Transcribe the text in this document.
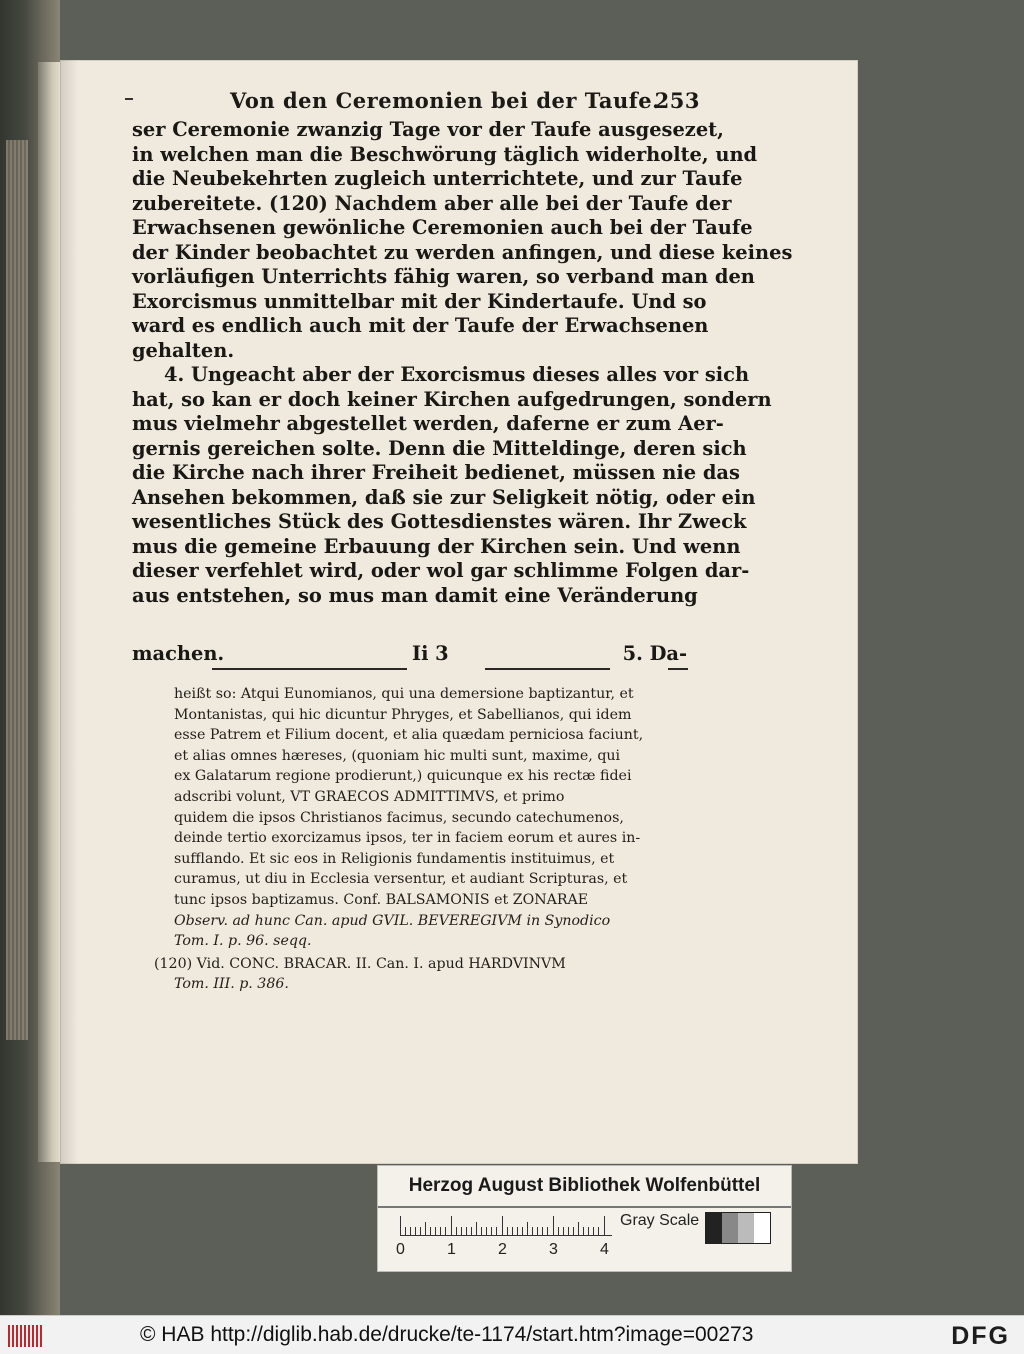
Von den Ceremonien bei der Taufe.
253

ser Ceremonie zwanzig Tage vor der Taufe ausgesezet,

in welchen man die Beschwörung täglich widerholte, und

die Neubekehrten zugleich unterrichtete, und zur Taufe

zubereitete. (120) Nachdem aber alle bei der Taufe der

Erwachsenen gewönliche Ceremonien auch bei der Taufe

der Kinder beobachtet zu werden anfingen, und diese keines

vorläufigen Unterrichts fähig waren, so verband man den

Exorcismus unmittelbar mit der Kindertaufe. Und so

ward es endlich auch mit der Taufe der Erwachsenen

gehalten.

4. Ungeacht aber der Exorcismus dieses alles vor sich

hat, so kan er doch keiner Kirchen aufgedrungen, sondern

mus vielmehr abgestellet werden, daferne er zum Aer-

gernis gereichen solte. Denn die Mitteldinge, deren sich

die Kirche nach ihrer Freiheit bedienet, müssen nie das

Ansehen bekommen, daß sie zur Seligkeit nötig, oder ein

wesentliches Stück des Gottesdienstes wären. Ihr Zweck

mus die gemeine Erbauung der Kirchen sein. Und wenn

dieser verfehlet wird, oder wol gar schlimme Folgen dar-

aus entstehen, so mus man damit eine Veränderung

machen.	Ii 3	5. Da-

heißt so: Atqui Eunomianos, qui una demersione baptizantur, et

Montanistas, qui hic dicuntur Phryges, et Sabellianos, qui idem

esse Patrem et Filium docent, et alia quædam perniciosa faciunt,

et alias omnes hæreses, (quoniam hic multi sunt, maxime, qui

ex Galatarum regione prodierunt,) quicunque ex his rectæ fidei

adscribi volunt, VT GRAECOS ADMITTIMVS, et primo

quidem die ipsos Christianos facimus, secundo catechumenos,

deinde tertio exorcizamus ipsos, ter in faciem eorum et aures in-

sufflando. Et sic eos in Religionis fundamentis instituimus, et

curamus, ut diu in Ecclesia versentur, et audiant Scripturas, et

tunc ipsos baptizamus. Conf. BALSAMONIS et ZONARAE

Observ. ad hunc Can. apud GVIL. BEVEREGIVM in Synodico

Tom. I. p. 96. seqq.

(120) Vid. CONC. BRACAR. II. Can. I. apud HARDVINVM

Tom. III. p. 386.

Herzog August Bibliothek Wolfenbüttel
0	1	2	3	4
Gray Scale
© HAB http://diglib.hab.de/drucke/te-1174/start.htm?image=00273	DFG
